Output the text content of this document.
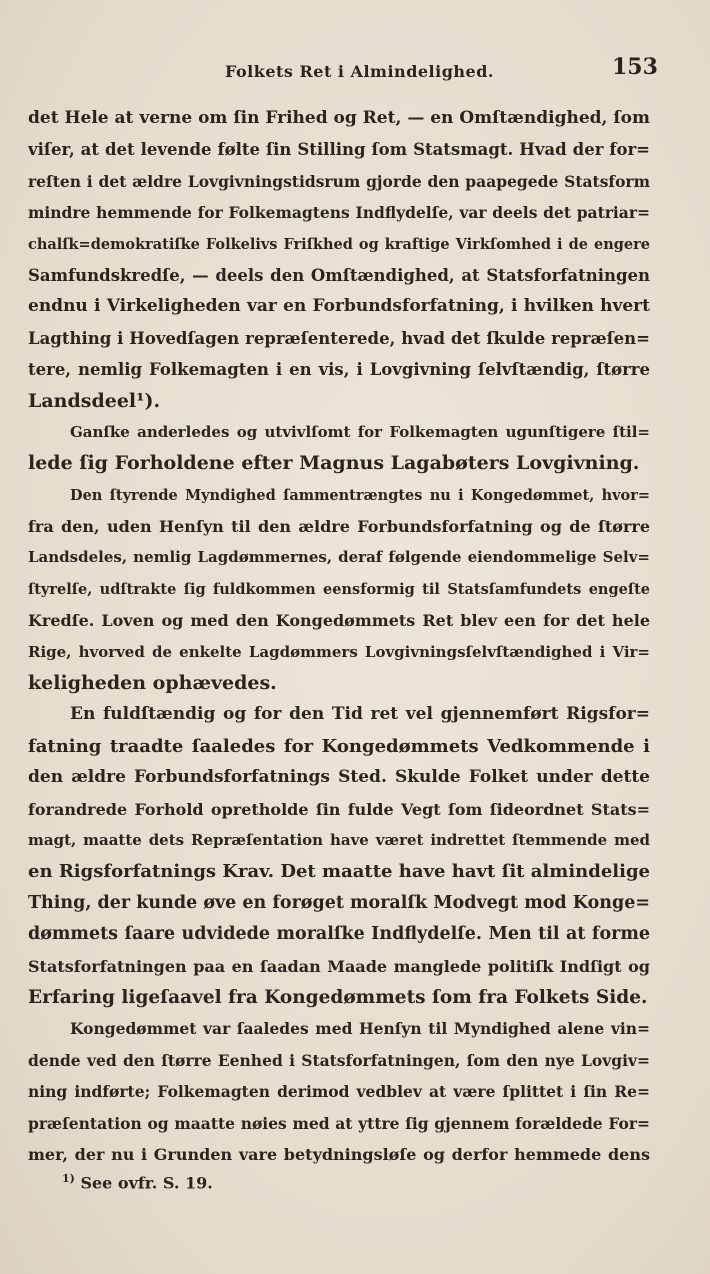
Folkets Ret i Almindelighed.	153
det Hele at verne om ſin Frihed og Ret, — en Omſtændighed, ſom
viſer, at det levende følte ſin Stilling ſom Statsmagt. Hvad der for=
reſten i det ældre Lovgivningstidsrum gjorde den paapegede Statsform
mindre hemmende for Folkemagtens Indflydelſe, var deels det patriar=
chalſk=demokratiſke Folkelivs Friſkhed og kraftige Virkſomhed i de engere
Samfundskredſe, — deels den Omſtændighed, at Statsforfatningen
endnu i Virkeligheden var en Forbundsforfatning, i hvilken hvert
Lagthing i Hovedſagen repræſenterede, hvad det ſkulde repræſen=
tere, nemlig Folkemagten i en vis, i Lovgivning ſelvſtændig, ſtørre
Landsdeel¹).
Ganſke anderledes og utvivlſomt for Folkemagten ugunſtigere ſtil=
lede ſig Forholdene efter Magnus Lagabøters Lovgivning.
Den ſtyrende Myndighed ſammentrængtes nu i Kongedømmet, hvor=
fra den, uden Henſyn til den ældre Forbundsforfatning og de ſtørre
Landsdeles, nemlig Lagdømmernes, deraf følgende eiendommelige Selv=
ſtyrelſe, udſtrakte ſig fuldkommen eensformig til Statsſamfundets engeſte
Kredſe. Loven og med den Kongedømmets Ret blev een for det hele
Rige, hvorved de enkelte Lagdømmers Lovgivningsſelvſtændighed i Vir=
keligheden ophævedes.
En fuldſtændig og for den Tid ret vel gjennemført Rigsfor=
fatning traadte ſaaledes for Kongedømmets Vedkommende i
den ældre Forbundsforfatnings Sted. Skulde Folket under dette
forandrede Forhold opretholde ſin fulde Vegt ſom ſideordnet Stats=
magt, maatte dets Repræſentation have været indrettet ſtemmende med
en Rigsforfatnings Krav. Det maatte have havt ſit almindelige
Thing, der kunde øve en forøget moralſk Modvegt mod Konge=
dømmets ſaare udvidede moralſke Indflydelſe. Men til at forme
Statsforfatningen paa en ſaadan Maade manglede politiſk Indſigt og
Erfaring ligeſaavel fra Kongedømmets ſom fra Folkets Side.
Kongedømmet var ſaaledes med Henſyn til Myndighed alene vin=
dende ved den ſtørre Eenhed i Statsforfatningen, ſom den nye Lovgiv=
ning indførte; Folkemagten derimod vedblev at være ſplittet i ſin Re=
præſentation og maatte nøies med at yttre ſig gjennem forældede For=
mer, der nu i Grunden vare betydningsløſe og derfor hemmede dens
$^{1)}$ See ovfr. S. 19.
